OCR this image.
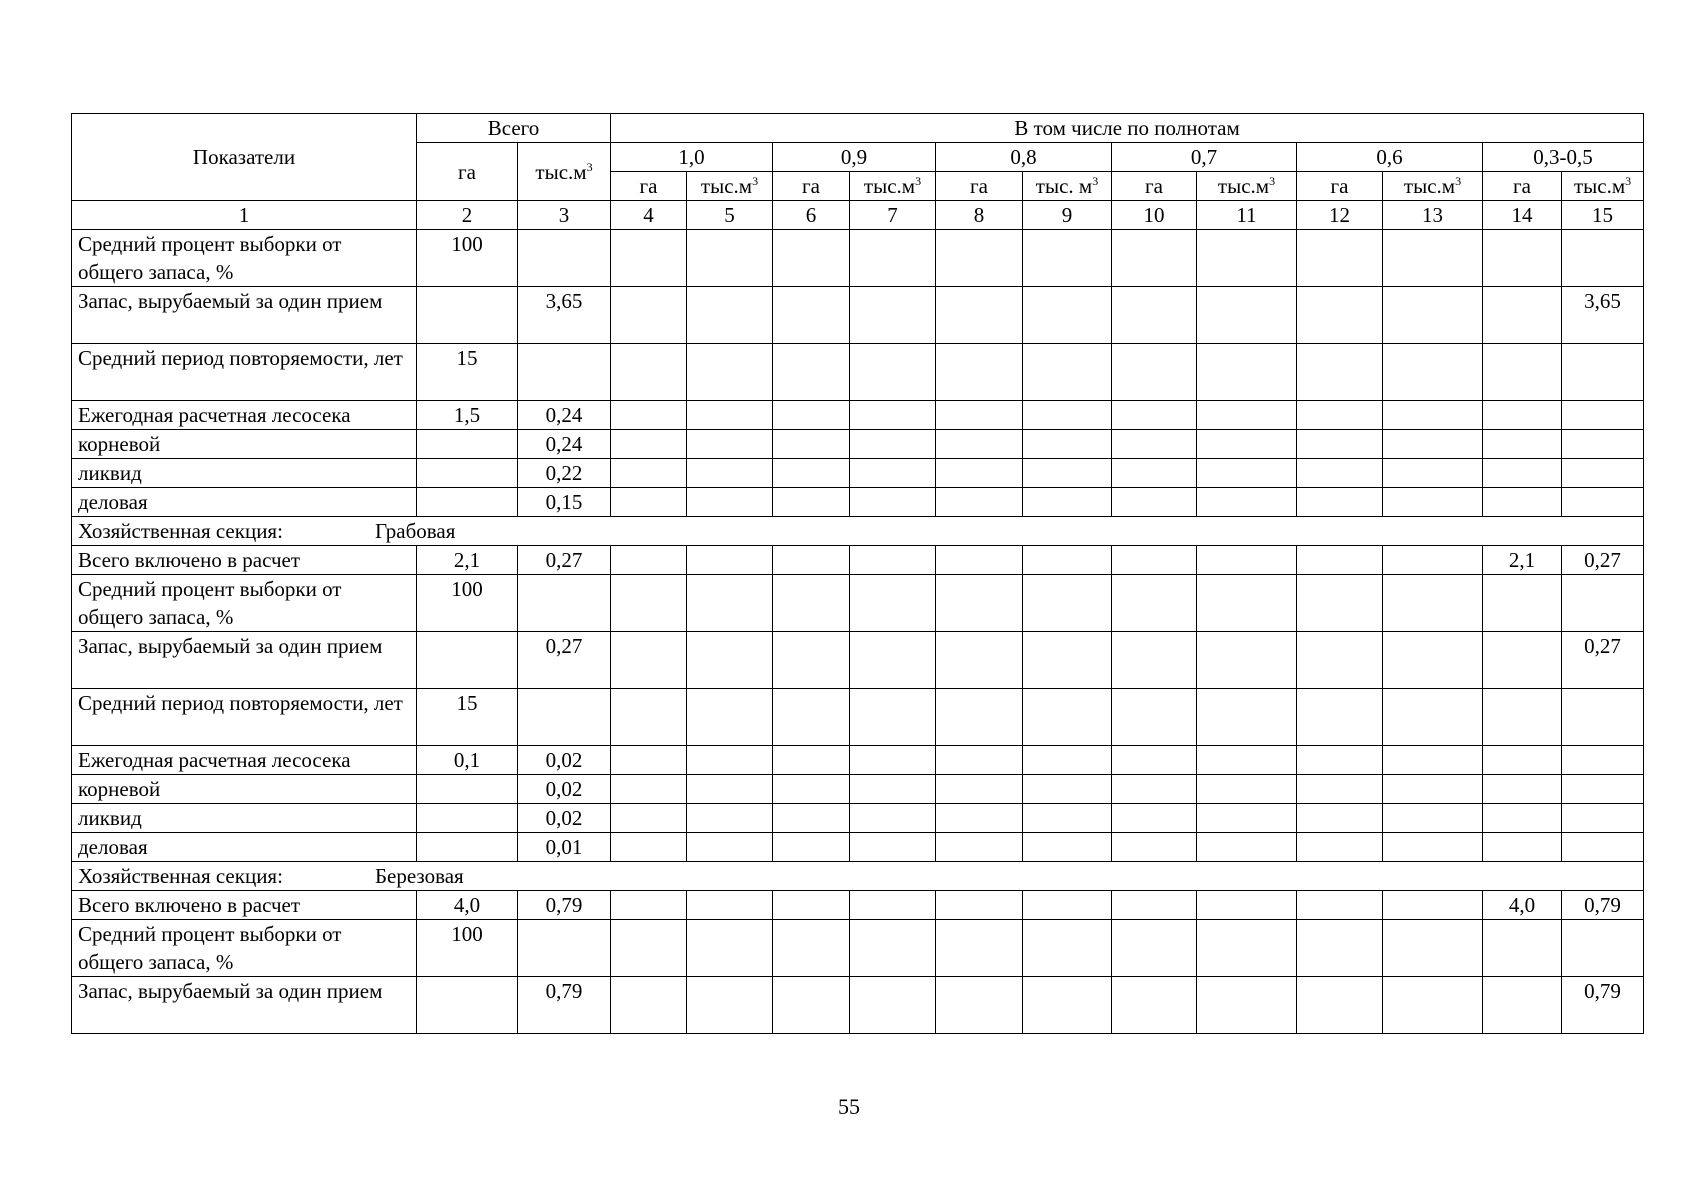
Показатели	Всего		В том числе по полнотам											
	га	$тыс.м^3$	1,0		0,9		0,8		0,7		0,6		0,3-0,5	
			га	$тыс.м^3$	га	$тыс.м^3$	га	тыс. $м^3$	га	$тыс.м^3$	га	$тыс.м^3$	га	$тыс.м^3$
1	2	3	4	5	6	7	8	9	10	11	12	13	14	15
Средний процент выборки от общего запаса, %	100													
Запас, вырубаемый за один прием		3,65												3,65
Средний период повторяемости, лет	15													
Ежегодная расчетная лесосека	1,5	0,24												
корневой		0,24												
ликвид		0,22												
деловая		0,15												
Хозяйственная секция: Грабовая														
Всего включено в расчет	2,1	0,27											2,1	0,27
Средний процент выборки от общего запаса, %	100													
Запас, вырубаемый за один прием		0,27												0,27
Средний период повторяемости, лет	15													
Ежегодная расчетная лесосека	0,1	0,02												
корневой		0,02												
ликвид		0,02												
деловая		0,01												
Хозяйственная секция: Березовая														
Всего включено в расчет	4,0	0,79											4,0	0,79
Средний процент выборки от общего запаса, %	100													
Запас, вырубаемый за один прием		0,79												0,79
55
